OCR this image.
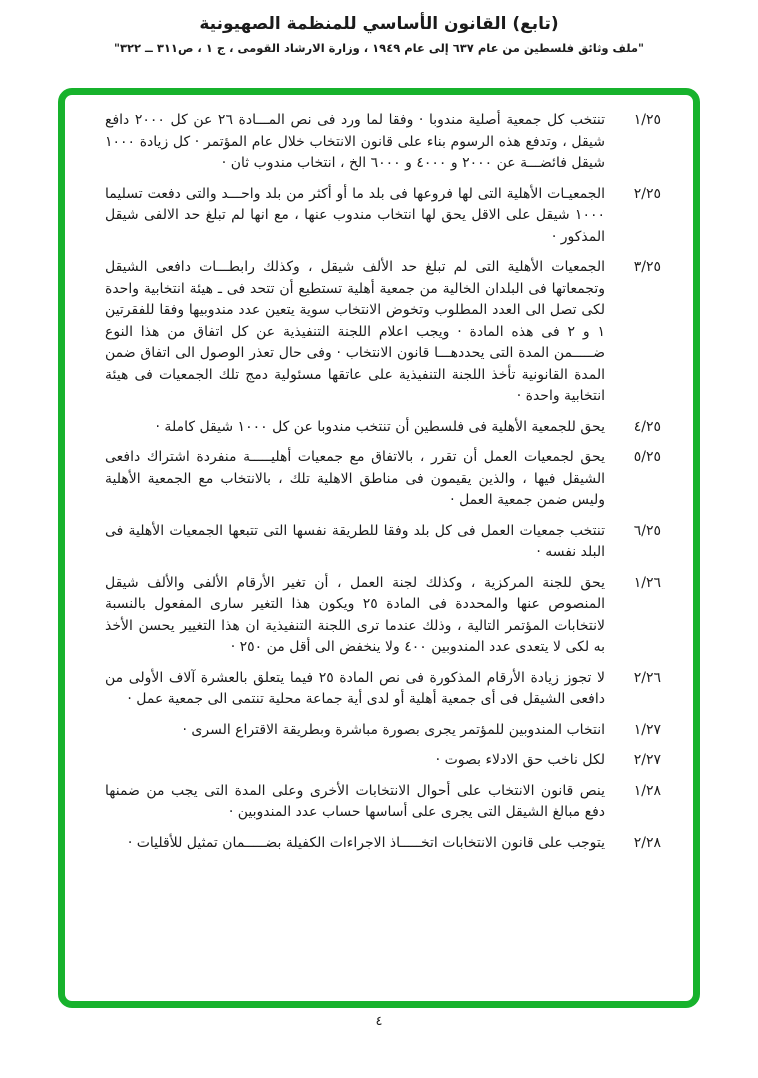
(تابع) القانون الأساسي للمنظمة الصهيونية
"ملف وثائق فلسطين من عام ٦٣٧ إلى عام ١٩٤٩ ، وزارة الارشاد القومى ، ج ١ ، ص٣١١ ــ ٣٢٢"
١/٢٥
تنتخب كل جمعية أصلية مندوبا · وفقا لما ورد فى نص المـــادة ٢٦ عن كل ٢٠٠٠ دافع شيقل ، وتدفع هذه الرسوم بناء على قانون الانتخاب خلال عام المؤتمر · كل زيادة ١٠٠٠ شيقل فائضـــة عن ٢٠٠٠ و ٤٠٠٠ و ٦٠٠٠ الخ ، انتخاب مندوب ثان ·
٢/٢٥
الجمعيـات الأهلية التى لها فروعها فى بلد ما أو أكثر من بلد واحـــد والتى دفعت تسليما ١٠٠٠ شيقل على الاقل يحق لها انتخاب مندوب عنها ، مع انها لم تبلغ حد الالفى شيقل المذكور ·
٣/٢٥
الجمعيات الأهلية التى لم تبلغ حد الألف شيقل ، وكذلك رابطـــات دافعى الشيقل وتجمعاتها فى البلدان الخالية من جمعية أهلية تستطيع أن تتحد فى ـ هيئة انتخابية واحدة لكى تصل الى العدد المطلوب وتخوض الانتخاب سوية يتعين عدد مندوبيها وفقا للفقرتين ١ و ٢ فى هذه المادة · ويجب اعلام اللجنة التنفيذية عن كل اتفاق من هذا النوع ضـــــمن المدة التى يحددهـــا قانون الانتخاب · وفى حال تعذر الوصول الى اتفاق ضمن المدة القانونية تأخذ اللجنة التنفيذية على عاتقها مسئولية دمج تلك الجمعيات فى هيئة انتخابية واحدة ·
٤/٢٥
يحق للجمعية الأهلية فى فلسطين أن تنتخب مندوبا عن كل ١٠٠٠ شيقل كاملة ·
٥/٢٥
يحق لجمعيات العمل أن تقرر ، بالاتفاق مع جمعيات أهليـــــة منفردة اشتراك دافعى الشيقل فيها ، والذين يقيمون فى مناطق الاهلية تلك ، بالانتخاب مع الجمعية الأهلية وليس ضمن جمعية العمل ·
٦/٢٥
تنتخب جمعيات العمل فى كل بلد وفقا للطريقة نفسها التى تتبعها الجمعيات الأهلية فى البلد نفسه ·
١/٢٦
يحق للجنة المركزية ، وكذلك لجنة العمل ، أن تغير الأرقام الألفى والألف شيقل المنصوص عنها والمحددة فى المادة ٢٥ ويكون هذا التغير سارى المفعول بالنسبة لانتخابات المؤتمر التالية ، وذلك عندما ترى اللجنة التنفيذية ان هذا التغيير يحسن الأخذ به لكى لا يتعدى عدد المندوبين ٤٠٠ ولا ينخفض الى أقل من ٢٥٠ ·
٢/٢٦
لا تجوز زيادة الأرقام المذكورة فى نص المادة ٢٥ فيما يتعلق بالعشرة آلاف الأولى من دافعى الشيقل فى أى جمعية أهلية أو لدى أية جماعة محلية تنتمى الى جمعية عمل ·
١/٢٧
انتخاب المندوبين للمؤتمر يجرى بصورة مباشرة وبطريقة الاقتراع السرى ·
٢/٢٧
لكل ناخب حق الادلاء بصوت ·
١/٢٨
ينص قانون الانتخاب على أحوال الانتخابات الأخرى وعلى المدة التى يجب من ضمنها دفع مبالغ الشيقل التى يجرى على أساسها حساب عدد المندوبين ·
٢/٢٨
يتوجب على قانون الانتخابات اتخـــــاذ الاجراءات الكفيلة بضـــــمان تمثيل للأقليات ·
٤
